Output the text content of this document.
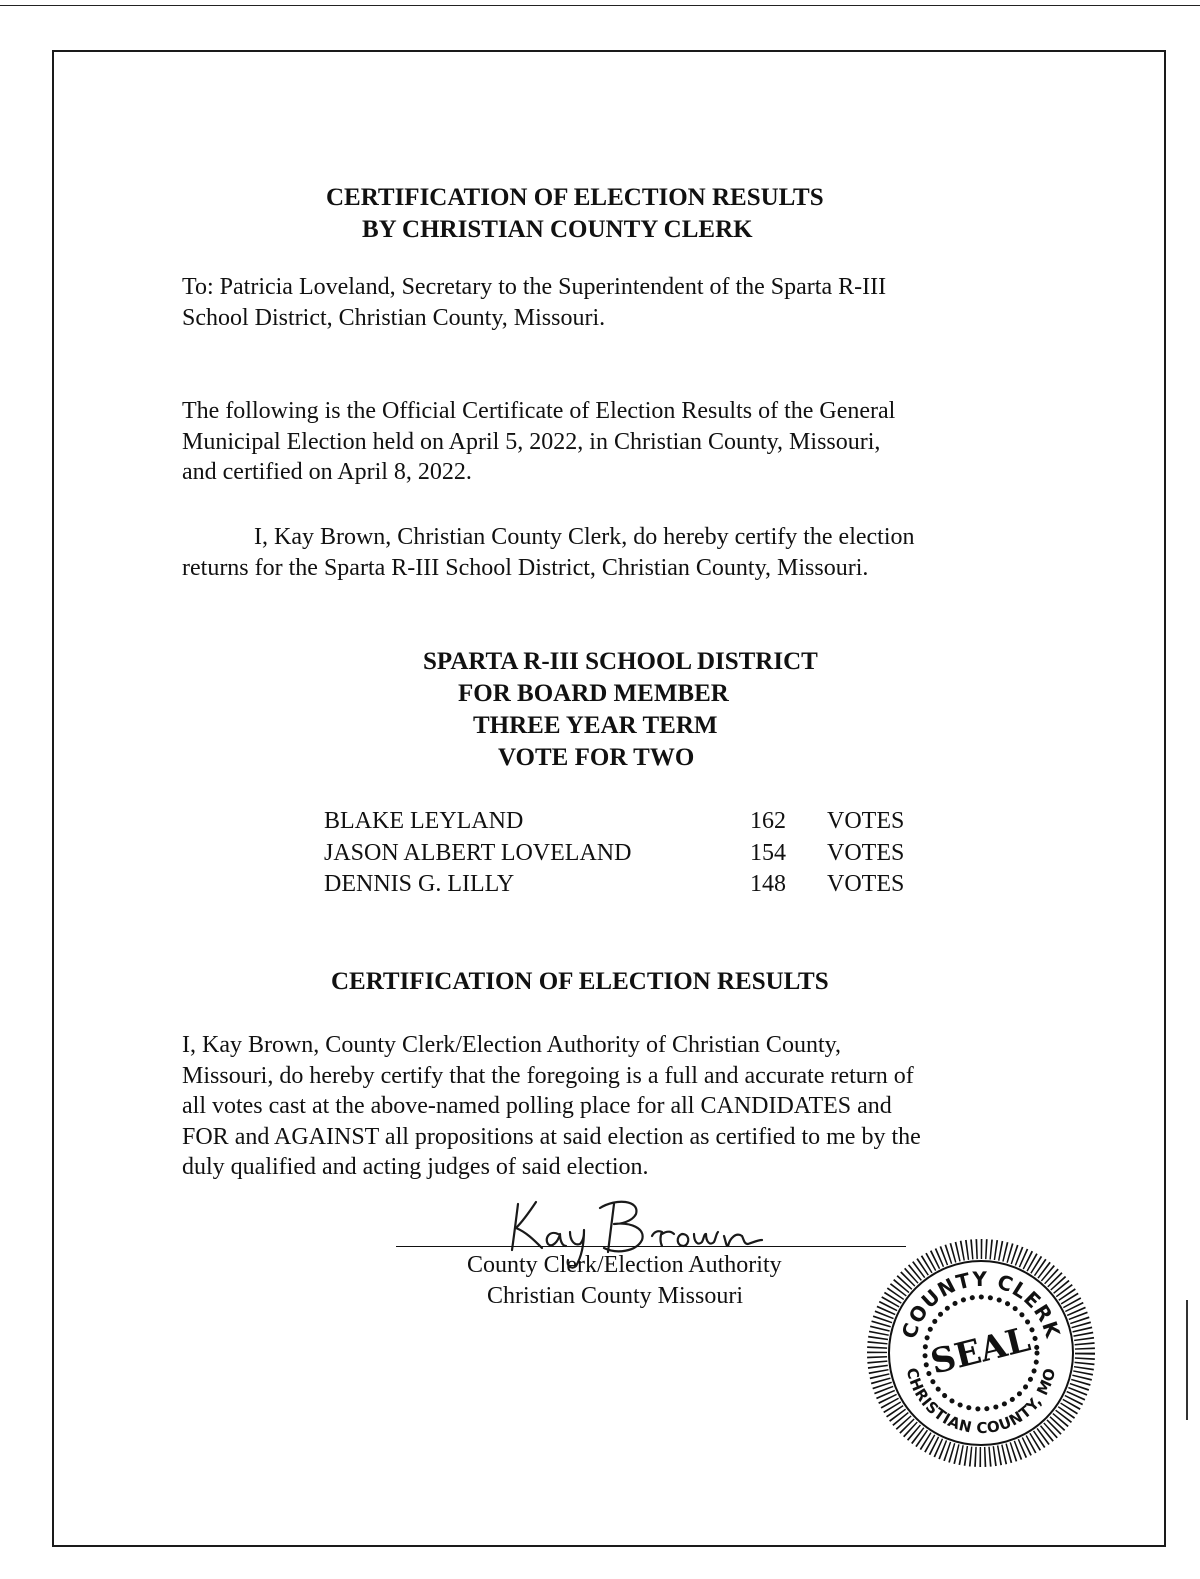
CERTIFICATION OF ELECTION RESULTS
BY CHRISTIAN COUNTY CLERK
To: Patricia Loveland, Secretary to the Superintendent of the Sparta R-III
School District, Christian County, Missouri.
The following is the Official Certificate of Election Results of the General
Municipal Election held on April 5, 2022, in Christian County, Missouri,
and certified on April 8, 2022.
I, Kay Brown, Christian County Clerk, do hereby certify the election
returns for the Sparta R-III School District, Christian County, Missouri.
SPARTA R-III SCHOOL DISTRICT
FOR BOARD MEMBER
THREE YEAR TERM
VOTE FOR TWO
BLAKE LEYLAND	162 VOTES
JASON ALBERT LOVELAND	154 VOTES
DENNIS G. LILLY	148 VOTES
CERTIFICATION OF ELECTION RESULTS
I, Kay Brown, County Clerk/Election Authority of Christian County,
Missouri, do hereby certify that the foregoing is a full and accurate return of
all votes cast at the above-named polling place for all CANDIDATES and
FOR and AGAINST all propositions at said election as certified to me by the
duly qualified and acting judges of said election.
County Clerk/Election Authority
Christian County Missouri
COUNTY CLERK
CHRISTIAN COUNTY, MO
SEAL
